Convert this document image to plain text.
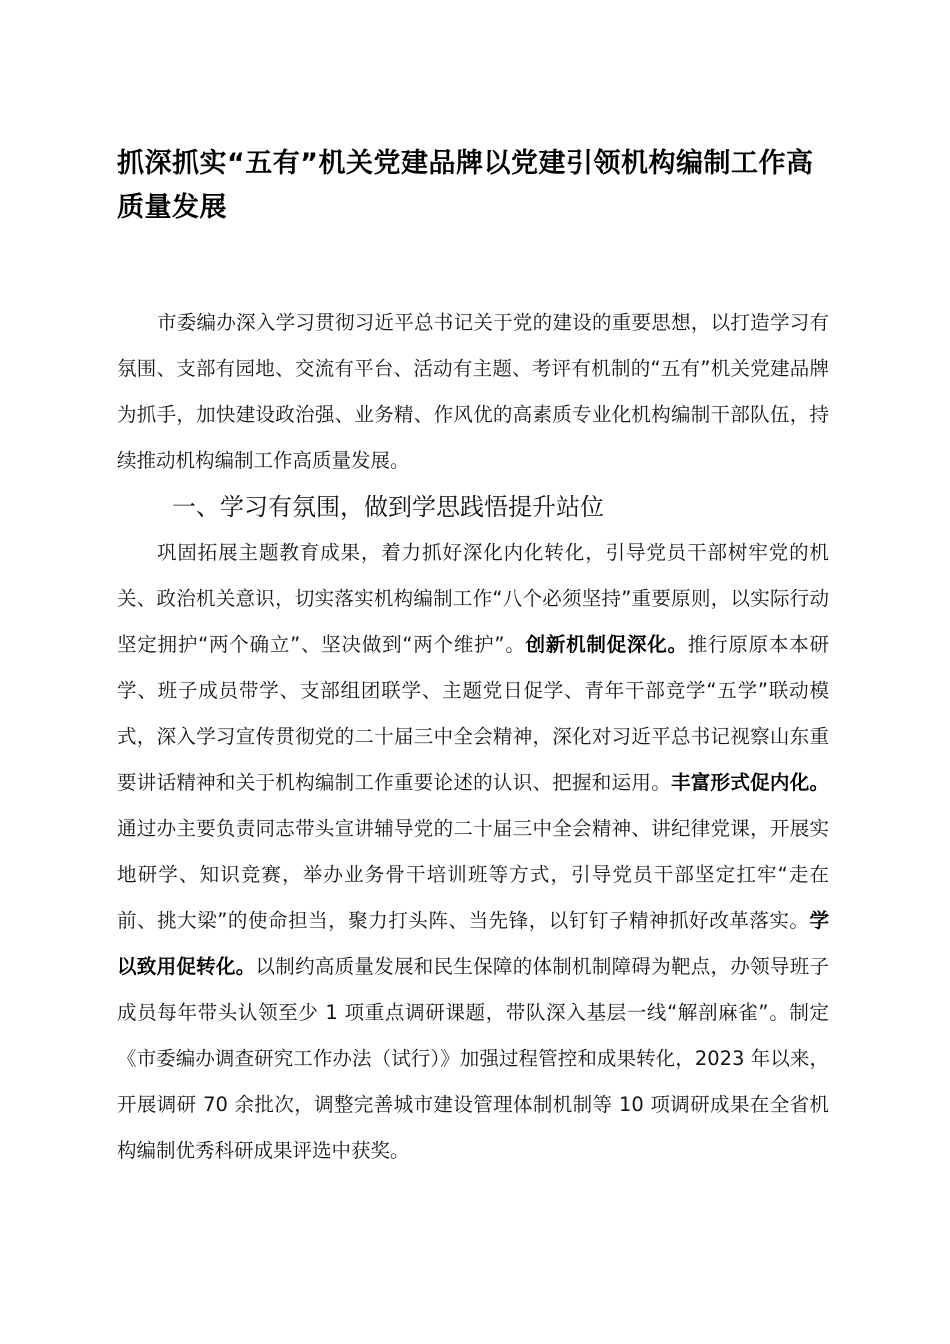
抓深抓实“五有”机关党建品牌以党建引领机构编制工作高质量发展

市委编办深入学习贯彻习近平总书记关于党的建设的重要思想，以打造学习有氛围、支部有园地、交流有平台、活动有主题、考评有机制的“五有”机关党建品牌为抓手，加快建设政治强、业务精、作风优的高素质专业化机构编制干部队伍，持续推动机构编制工作高质量发展。

一、学习有氛围，做到学思践悟提升站位

巩固拓展主题教育成果，着力抓好深化内化转化，引导党员干部树牢党的机关、政治机关意识，切实落实机构编制工作“八个必须坚持”重要原则，以实际行动坚定拥护“两个确立”、坚决做到“两个维护”。创新机制促深化。推行原原本本研学、班子成员带学、支部组团联学、主题党日促学、青年干部竞学“五学”联动模式，深入学习宣传贯彻党的二十届三中全会精神，深化对习近平总书记视察山东重要讲话精神和关于机构编制工作重要论述的认识、把握和运用。丰富形式促内化。通过办主要负责同志带头宣讲辅导党的二十届三中全会精神、讲纪律党课，开展实地研学、知识竞赛，举办业务骨干培训班等方式，引导党员干部坚定扛牢“走在前、挑大梁”的使命担当，聚力打头阵、当先锋，以钉钉子精神抓好改革落实。学以致用促转化。以制约高质量发展和民生保障的体制机制障碍为靶点，办领导班子成员每年带头认领至少 1 项重点调研课题，带队深入基层一线“解剖麻雀”。制定《市委编办调查研究工作办法（试行）》加强过程管控和成果转化，2023 年以来，开展调研 70 余批次，调整完善城市建设管理体制机制等 10 项调研成果在全省机构编制优秀科研成果评选中获奖。
